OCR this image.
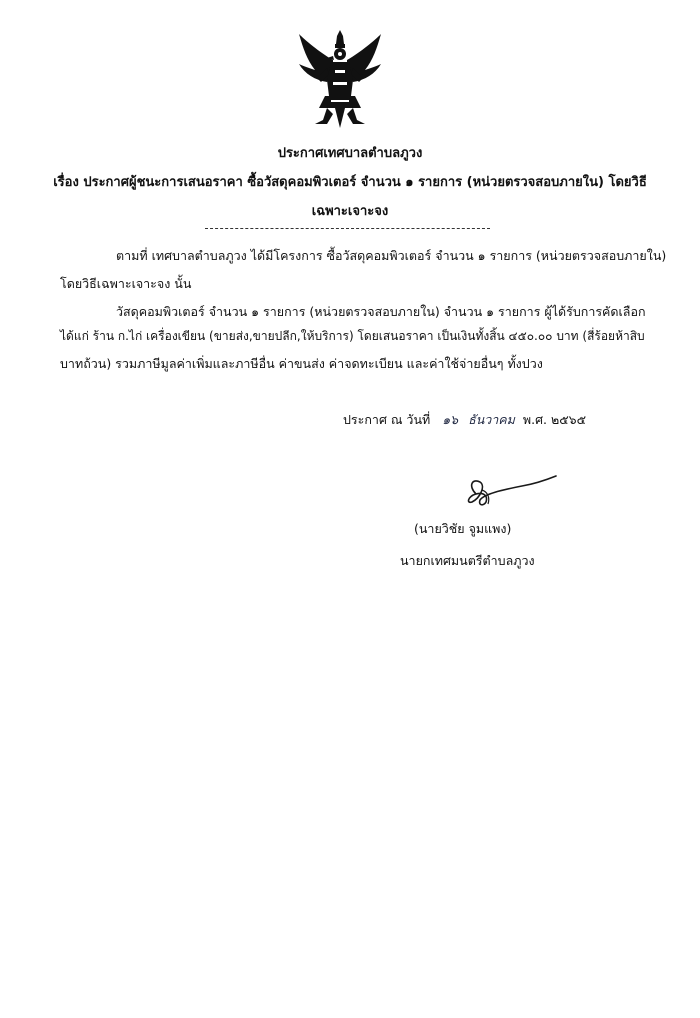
ประกาศเทศบาลตำบลภูวง
เรื่อง ประกาศผู้ชนะการเสนอราคา ซื้อวัสดุคอมพิวเตอร์ จำนวน ๑ รายการ (หน่วยตรวจสอบภายใน) โดยวิธี
เฉพาะเจาะจง
ตามที่ เทศบาลตำบลภูวง ได้มีโครงการ ซื้อวัสดุคอมพิวเตอร์ จำนวน ๑ รายการ (หน่วยตรวจสอบภายใน)
โดยวิธีเฉพาะเจาะจง นั้น
วัสดุคอมพิวเตอร์ จำนวน ๑ รายการ (หน่วยตรวจสอบภายใน) จำนวน ๑ รายการ ผู้ได้รับการคัดเลือก
ได้แก่ ร้าน ก.ไก่ เครื่องเขียน (ขายส่ง,ขายปลีก,ให้บริการ) โดยเสนอราคา เป็นเงินทั้งสิ้น ๔๕๐.๐๐ บาท (สี่ร้อยห้าสิบ
บาทถ้วน) รวมภาษีมูลค่าเพิ่มและภาษีอื่น ค่าขนส่ง ค่าจดทะเบียน และค่าใช้จ่ายอื่นๆ ทั้งปวง
ประกาศ ณ วันที่ ๑๖ ธันวาคม พ.ศ. ๒๕๖๕
(นายวิชัย จูมแพง)
นายกเทศมนตรีตำบลภูวง
